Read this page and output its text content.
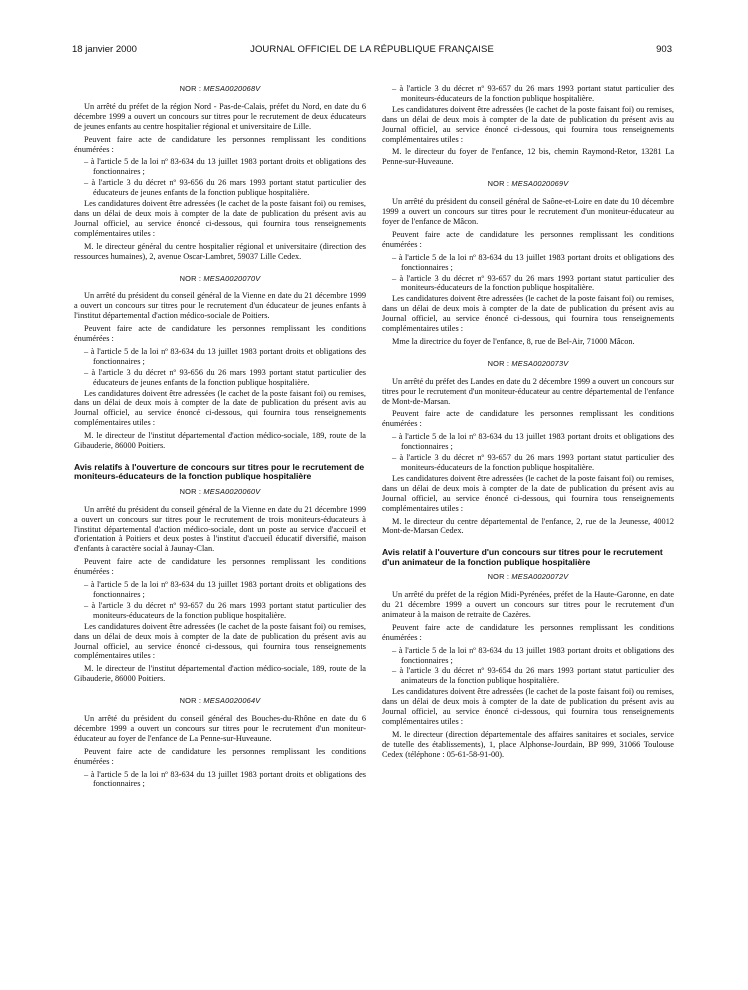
18 janvier 2000	JOURNAL OFFICIEL DE LA RÉPUBLIQUE FRANÇAISE	903
NOR : MESA0020068V

Un arrêté du préfet de la région Nord - Pas-de-Calais, préfet du Nord, en date du 6 décembre 1999 a ouvert un concours sur titres pour le recrutement de deux éducateurs de jeunes enfants au centre hospitalier régional et universitaire de Lille.

Peuvent faire acte de candidature les personnes remplissant les conditions énumérées :

– à l'article 5 de la loi nº 83-634 du 13 juillet 1983 portant droits et obligations des fonctionnaires ;

– à l'article 3 du décret nº 93-656 du 26 mars 1993 portant statut particulier des éducateurs de jeunes enfants de la fonction publique hospitalière.

Les candidatures doivent être adressées (le cachet de la poste faisant foi) ou remises, dans un délai de deux mois à compter de la date de publication du présent avis au Journal officiel, au service énoncé ci-dessous, qui fournira tous renseignements complémentaires utiles :

M. le directeur général du centre hospitalier régional et universitaire (direction des ressources humaines), 2, avenue Oscar-Lambret, 59037 Lille Cedex.

NOR : MESA0020070V

Un arrêté du président du conseil général de la Vienne en date du 21 décembre 1999 a ouvert un concours sur titres pour le recrutement d'un éducateur de jeunes enfants à l'institut départemental d'action médico-sociale de Poitiers.

Peuvent faire acte de candidature les personnes remplissant les conditions énumérées :

– à l'article 5 de la loi nº 83-634 du 13 juillet 1983 portant droits et obligations des fonctionnaires ;

– à l'article 3 du décret nº 93-656 du 26 mars 1993 portant statut particulier des éducateurs de jeunes enfants de la fonction publique hospitalière.

Les candidatures doivent être adressées (le cachet de la poste faisant foi) ou remises, dans un délai de deux mois à compter de la date de publication du présent avis au Journal officiel, au service énoncé ci-dessous, qui fournira tous renseignements complémentaires utiles :

M. le directeur de l'institut départemental d'action médico-sociale, 189, route de la Gibauderie, 86000 Poitiers.

Avis relatifs à l'ouverture de concours sur titres pour le recrutement de moniteurs-éducateurs de la fonction publique hospitalière
NOR : MESA0020060V

Un arrêté du président du conseil général de la Vienne en date du 21 décembre 1999 a ouvert un concours sur titres pour le recrutement de trois moniteurs-éducateurs à l'institut départemental d'action médico-sociale, dont un poste au service d'accueil et d'orientation à Poitiers et deux postes à l'institut d'accueil éducatif diversifié, maison d'enfants à caractère social à Jaunay-Clan.

Peuvent faire acte de candidature les personnes remplissant les conditions énumérées :

– à l'article 5 de la loi nº 83-634 du 13 juillet 1983 portant droits et obligations des fonctionnaires ;

– à l'article 3 du décret nº 93-657 du 26 mars 1993 portant statut particulier des moniteurs-éducateurs de la fonction publique hospitalière.

Les candidatures doivent être adressées (le cachet de la poste faisant foi) ou remises, dans un délai de deux mois à compter de la date de publication du présent avis au Journal officiel, au service énoncé ci-dessous, qui fournira tous renseignements complémentaires utiles :

M. le directeur de l'institut départemental d'action médico-sociale, 189, route de la Gibauderie, 86000 Poitiers.

NOR : MESA0020064V

Un arrêté du président du conseil général des Bouches-du-Rhône en date du 6 décembre 1999 a ouvert un concours sur titres pour le recrutement d'un moniteur-éducateur au foyer de l'enfance de La Penne-sur-Huveaune.

Peuvent faire acte de candidature les personnes remplissant les conditions énumérées :

– à l'article 5 de la loi nº 83-634 du 13 juillet 1983 portant droits et obligations des fonctionnaires ;

– à l'article 3 du décret nº 93-657 du 26 mars 1993 portant statut particulier des moniteurs-éducateurs de la fonction publique hospitalière.

Les candidatures doivent être adressées (le cachet de la poste faisant foi) ou remises, dans un délai de deux mois à compter de la date de publication du présent avis au Journal officiel, au service énoncé ci-dessous, qui fournira tous renseignements complémentaires utiles :

M. le directeur du foyer de l'enfance, 12 bis, chemin Raymond-Retor, 13281 La Penne-sur-Huveaune.

NOR : MESA0020069V

Un arrêté du président du conseil général de Saône-et-Loire en date du 10 décembre 1999 a ouvert un concours sur titres pour le recrutement d'un moniteur-éducateur au foyer de l'enfance de Mâcon.

Peuvent faire acte de candidature les personnes remplissant les conditions énumérées :

– à l'article 5 de la loi nº 83-634 du 13 juillet 1983 portant droits et obligations des fonctionnaires ;

– à l'article 3 du décret nº 93-657 du 26 mars 1993 portant statut particulier des moniteurs-éducateurs de la fonction publique hospitalière.

Les candidatures doivent être adressées (le cachet de la poste faisant foi) ou remises, dans un délai de deux mois à compter de la date de publication du présent avis au Journal officiel, au service énoncé ci-dessous, qui fournira tous renseignements complémentaires utiles :

Mme la directrice du foyer de l'enfance, 8, rue de Bel-Air, 71000 Mâcon.

NOR : MESA0020073V

Un arrêté du préfet des Landes en date du 2 décembre 1999 a ouvert un concours sur titres pour le recrutement d'un moniteur-éducateur au centre départemental de l'enfance de Mont-de-Marsan.

Peuvent faire acte de candidature les personnes remplissant les conditions énumérées :

– à l'article 5 de la loi nº 83-634 du 13 juillet 1983 portant droits et obligations des fonctionnaires ;

– à l'article 3 du décret nº 93-657 du 26 mars 1993 portant statut particulier des moniteurs-éducateurs de la fonction publique hospitalière.

Les candidatures doivent être adressées (le cachet de la poste faisant foi) ou remises, dans un délai de deux mois à compter de la date de publication du présent avis au Journal officiel, au service énoncé ci-dessous, qui fournira tous renseignements complémentaires utiles :

M. le directeur du centre départemental de l'enfance, 2, rue de la Jeunesse, 40012 Mont-de-Marsan Cedex.

Avis relatif à l'ouverture d'un concours sur titres pour le recrutement d'un animateur de la fonction publique hospitalière
NOR : MESA0020072V

Un arrêté du préfet de la région Midi-Pyrénées, préfet de la Haute-Garonne, en date du 21 décembre 1999 a ouvert un concours sur titres pour le recrutement d'un animateur à la maison de retraite de Cazères.

Peuvent faire acte de candidature les personnes remplissant les conditions énumérées :

– à l'article 5 de la loi nº 83-634 du 13 juillet 1983 portant droits et obligations des fonctionnaires ;

– à l'article 3 du décret nº 93-654 du 26 mars 1993 portant statut particulier des animateurs de la fonction publique hospitalière.

Les candidatures doivent être adressées (le cachet de la poste faisant foi) ou remises, dans un délai de deux mois à compter de la date de publication du présent avis au Journal officiel, au service énoncé ci-dessous, qui fournira tous renseignements complémentaires utiles :

M. le directeur (direction départementale des affaires sanitaires et sociales, service de tutelle des établissements), 1, place Alphonse-Jourdain, BP 999, 31066 Toulouse Cedex (téléphone : 05-61-58-91-00).
